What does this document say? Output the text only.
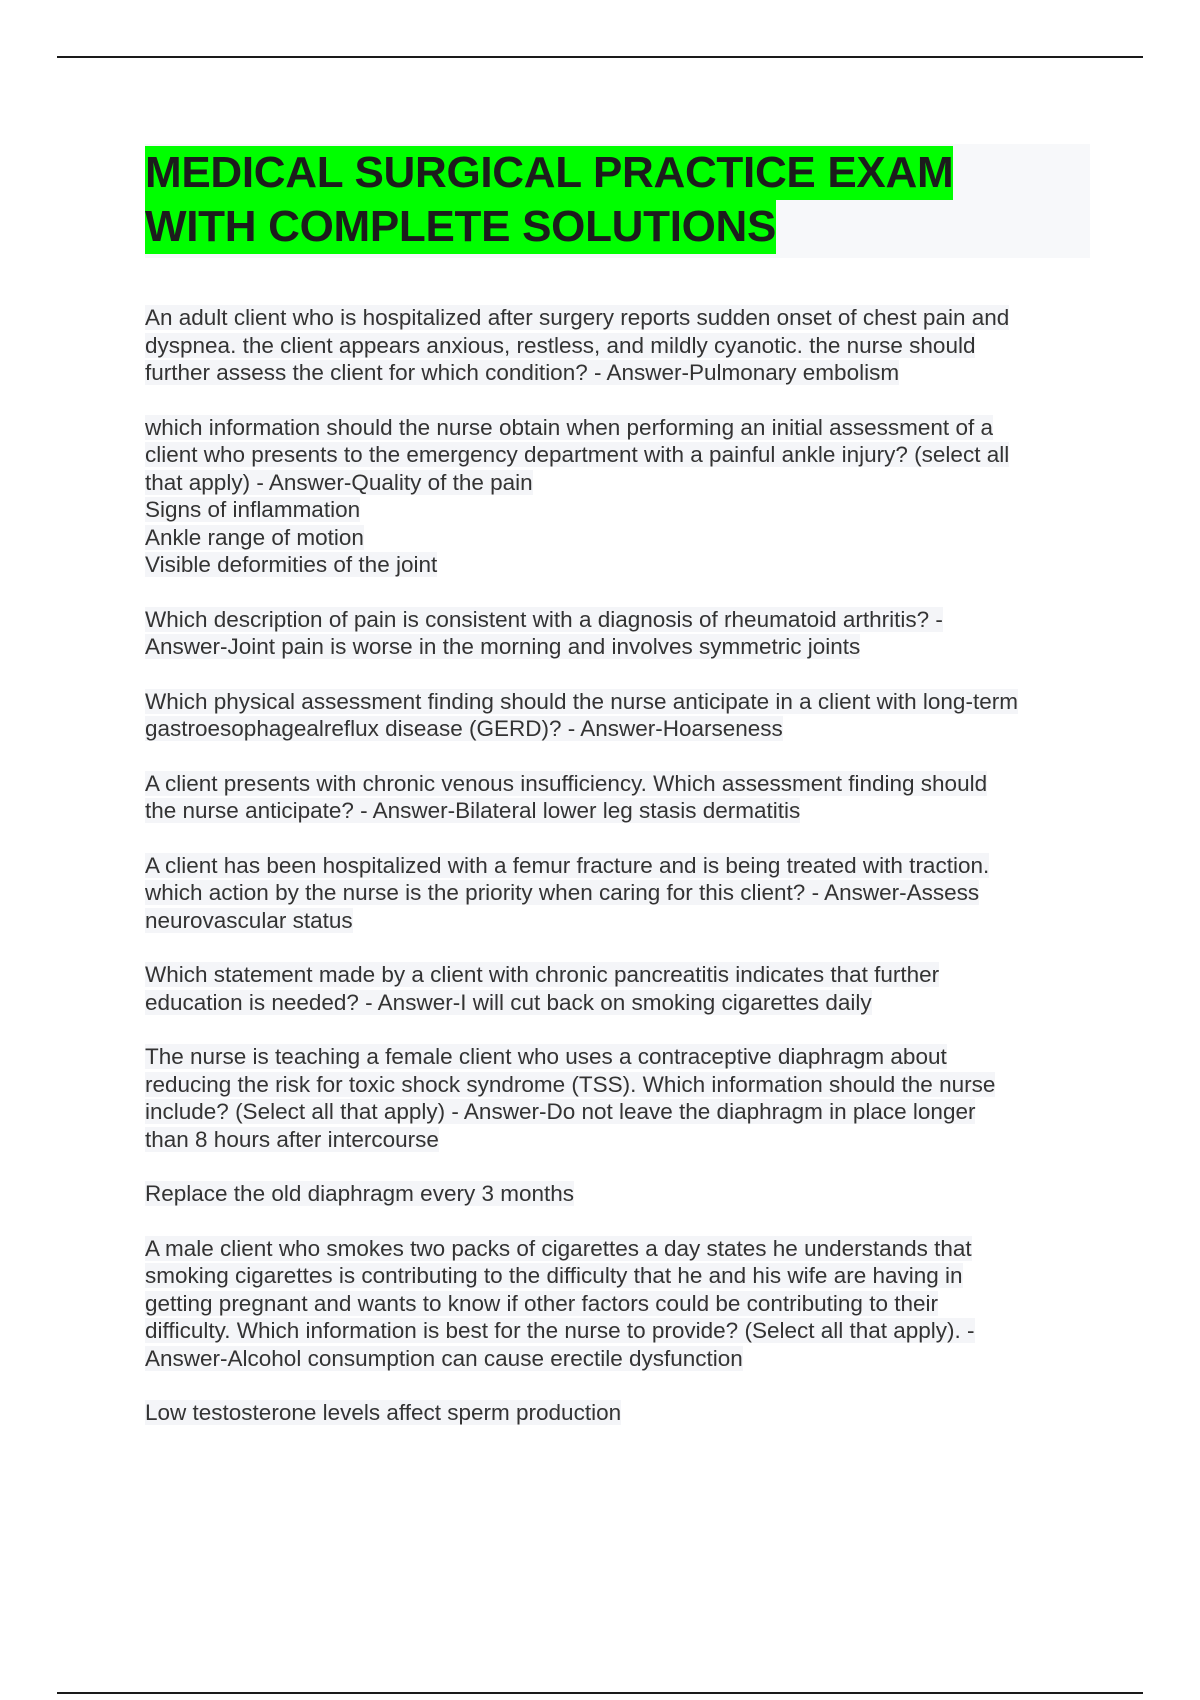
MEDICAL SURGICAL PRACTICE EXAM
WITH COMPLETE SOLUTIONS

An adult client who is hospitalized after surgery reports sudden onset of chest pain and
dyspnea. the client appears anxious, restless, and mildly cyanotic. the nurse should
further assess the client for which condition? - Answer-Pulmonary embolism

which information should the nurse obtain when performing an initial assessment of a
client who presents to the emergency department with a painful ankle injury? (select all
that apply) - Answer-Quality of the pain
Signs of inflammation
Ankle range of motion
Visible deformities of the joint

Which description of pain is consistent with a diagnosis of rheumatoid arthritis? -
Answer-Joint pain is worse in the morning and involves symmetric joints

Which physical assessment finding should the nurse anticipate in a client with long-term
gastroesophagealreflux disease (GERD)? - Answer-Hoarseness

A client presents with chronic venous insufficiency. Which assessment finding should
the nurse anticipate? - Answer-Bilateral lower leg stasis dermatitis

A client has been hospitalized with a femur fracture and is being treated with traction.
which action by the nurse is the priority when caring for this client? - Answer-Assess
neurovascular status

Which statement made by a client with chronic pancreatitis indicates that further
education is needed? - Answer-I will cut back on smoking cigarettes daily

The nurse is teaching a female client who uses a contraceptive diaphragm about
reducing the risk for toxic shock syndrome (TSS). Which information should the nurse
include? (Select all that apply) - Answer-Do not leave the diaphragm in place longer
than 8 hours after intercourse

Replace the old diaphragm every 3 months

A male client who smokes two packs of cigarettes a day states he understands that
smoking cigarettes is contributing to the difficulty that he and his wife are having in
getting pregnant and wants to know if other factors could be contributing to their
difficulty. Which information is best for the nurse to provide? (Select all that apply). -
Answer-Alcohol consumption can cause erectile dysfunction

Low testosterone levels affect sperm production
